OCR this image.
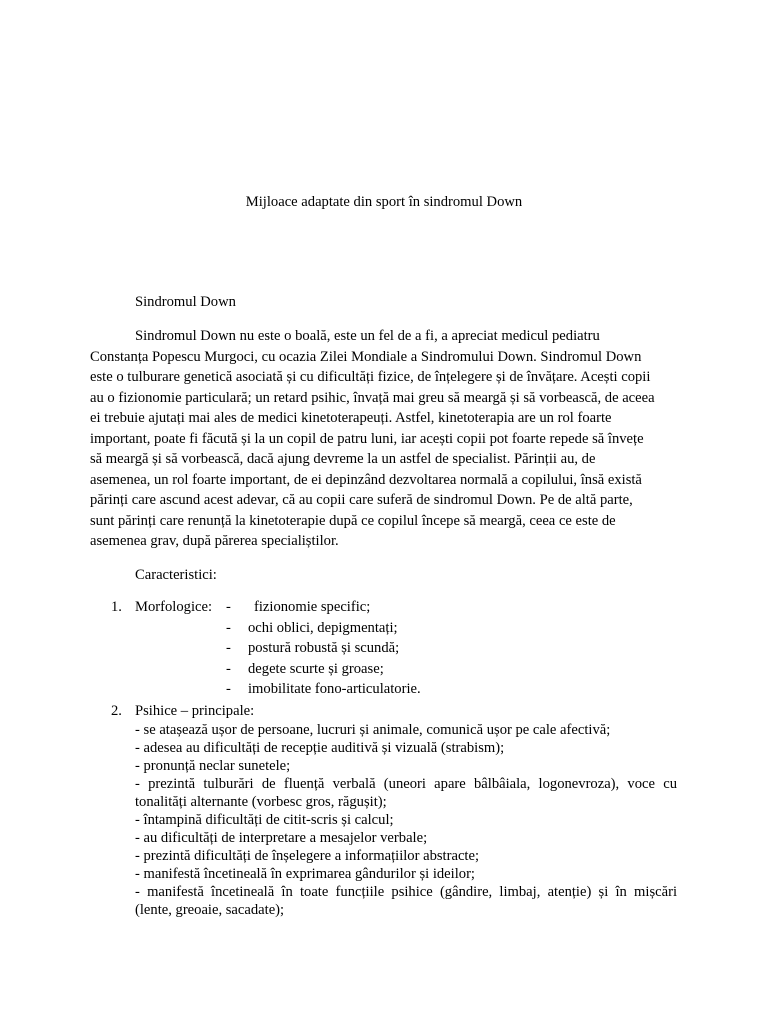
Mijloace adaptate din sport în sindromul Down
Sindromul Down
Sindromul Down nu este o boală, este un fel de a fi, a apreciat medicul pediatru
Constanța Popescu Murgoci, cu ocazia Zilei Mondiale a Sindromului Down. Sindromul Down
este o tulburare genetică asociată și cu dificultăți fizice, de înțelegere și de învățare. Acești copii
au o fizionomie particulară; un retard psihic, învață mai greu să meargă și să vorbească, de aceea
ei trebuie ajutați mai ales de medici kinetoterapeuți. Astfel, kinetoterapia are un rol foarte
important, poate fi făcută și la un copil de patru luni, iar acești copii pot foarte repede să învețe
să meargă și să vorbească, dacă ajung devreme la un astfel de specialist. Părinții au, de
asemenea, un rol foarte important, de ei depinzând dezvoltarea normală a copilului, însă există
părinți care ascund acest adevar, că au copii care suferă de sindromul Down. Pe de altă parte,
sunt părinți care renunță la kinetoterapie după ce copilul începe să meargă, ceea ce este de
asemenea grav, după părerea specialiștilor.
Caracteristici:
1. Morfologice: - fizionomie specific;
- ochi oblici, depigmentați;
- postură robustă și scundă;
- degete scurte și groase;
- imobilitate fono-articulatorie.
2. Psihice – principale:
- se atașează ușor de persoane, lucruri și animale, comunică ușor pe cale afectivă;
- adesea au dificultăți de recepție auditivă și vizuală (strabism);
- pronunță neclar sunetele;
- prezintă tulburări de fluență verbală (uneori apare bâlbâiala, logonevroza), voce cu
tonalități alternante (vorbesc gros, răgușit);
- întampină dificultăți de citit-scris și calcul;
- au dificultăți de interpretare a mesajelor verbale;
- prezintă dificultăți de înșelegere a informațiilor abstracte;
- manifestă încetineală în exprimarea gândurilor și ideilor;
- manifestă încetineală în toate funcțiile psihice (gândire, limbaj, atenție) și în mișcări
(lente, greoaie, sacadate);
